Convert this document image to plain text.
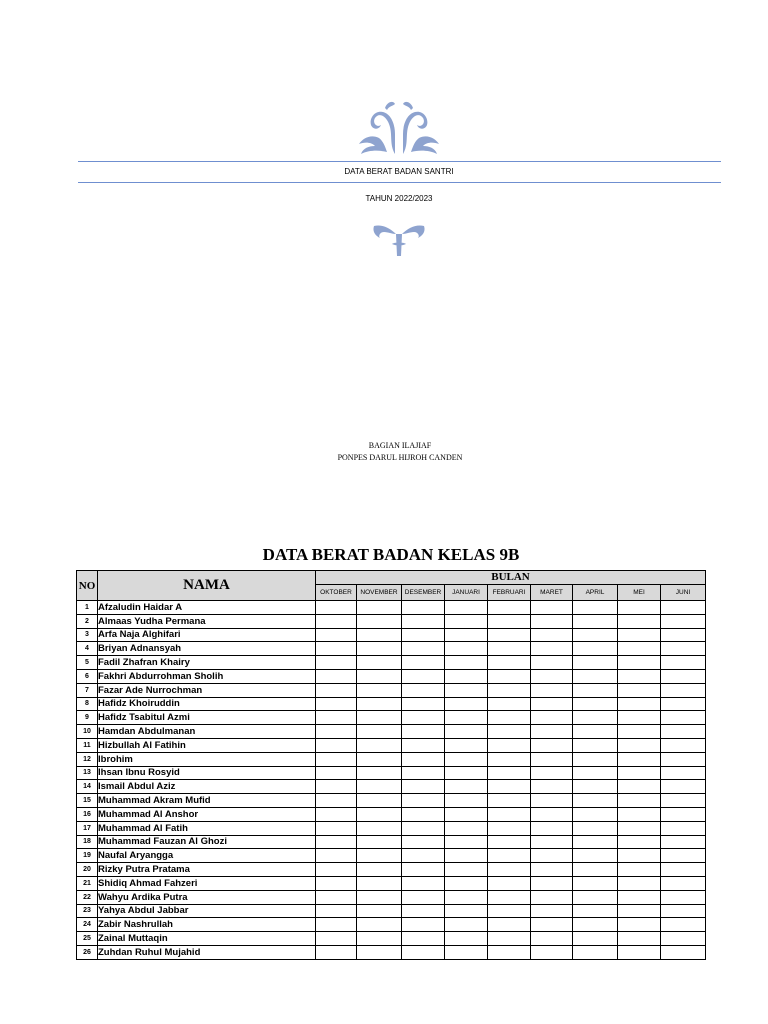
DATA BERAT BADAN SANTRI
TAHUN 2022/2023
BAGIAN ILAJIAF
PONPES DARUL HIJROH CANDEN
DATA BERAT BADAN KELAS 9B
NO	NAMA	BULAN								
		OKTOBER	NOVEMBER	DESEMBER	JANUARI	FEBRUARI	MARET	APRIL	MEI	JUNI
1	Afzaludin Haidar A									
2	Almaas Yudha Permana									
3	Arfa Naja Alghifari									
4	Briyan Adnansyah									
5	Fadil Zhafran Khairy									
6	Fakhri Abdurrohman Sholih									
7	Fazar Ade Nurrochman									
8	Hafidz Khoiruddin									
9	Hafidz Tsabitul Azmi									
10	Hamdan Abdulmanan									
11	Hizbullah Al Fatihin									
12	Ibrohim									
13	Ihsan Ibnu Rosyid									
14	Ismail Abdul Aziz									
15	Muhammad Akram Mufid									
16	Muhammad Al Anshor									
17	Muhammad Al Fatih									
18	Muhammad Fauzan Al Ghozi									
19	Naufal Aryangga									
20	Rizky Putra Pratama									
21	Shidiq Ahmad Fahzeri									
22	Wahyu Ardika Putra									
23	Yahya Abdul Jabbar									
24	Zabir Nashrullah									
25	Zainal Muttaqin									
26	Zuhdan Ruhul Mujahid									
